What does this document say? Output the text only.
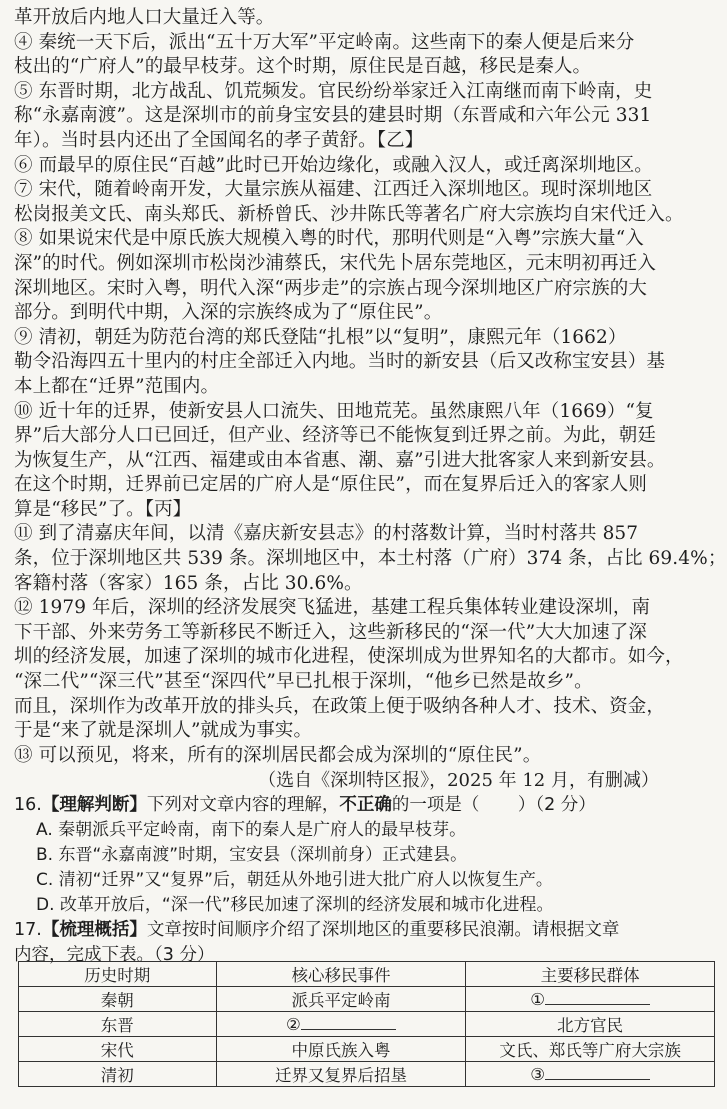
革开放后内地人口大量迁入等。
④ 秦统一天下后，派出“五十万大军”平定岭南。这些南下的秦人便是后来分
枝出的“广府人”的最早枝芽。这个时期，原住民是百越，移民是秦人。
⑤ 东晋时期，北方战乱、饥荒频发。官民纷纷举家迁入江南继而南下岭南，史
称“永嘉南渡”。这是深圳市的前身宝安县的建县时期（东晋咸和六年公元 331
年）。当时县内还出了全国闻名的孝子黄舒。【乙】
⑥ 而最早的原住民“百越”此时已开始边缘化，或融入汉人，或迁离深圳地区。
⑦ 宋代，随着岭南开发，大量宗族从福建、江西迁入深圳地区。现时深圳地区
松岗报美文氏、南头郑氏、新桥曾氏、沙井陈氏等著名广府大宗族均自宋代迁入。
⑧ 如果说宋代是中原氏族大规模入粤的时代，那明代则是“入粤”宗族大量“入
深”的时代。例如深圳市松岗沙浦蔡氏，宋代先卜居东莞地区，元末明初再迁入
深圳地区。宋时入粤，明代入深“两步走”的宗族占现今深圳地区广府宗族的大
部分。到明代中期，入深的宗族终成为了“原住民”。
⑨ 清初，朝廷为防范台湾的郑氏登陆“扎根”以“复明”，康熙元年（1662）
勒令沿海四五十里内的村庄全部迁入内地。当时的新安县（后又改称宝安县）基
本上都在“迁界”范围内。
⑩ 近十年的迁界，使新安县人口流失、田地荒芜。虽然康熙八年（1669）“复
界”后大部分人口已回迁，但产业、经济等已不能恢复到迁界之前。为此，朝廷
为恢复生产，从“江西、福建或由本省惠、潮、嘉”引进大批客家人来到新安县。
在这个时期，迁界前已定居的广府人是“原住民”，而在复界后迁入的客家人则
算是“移民”了。【丙】
⑪ 到了清嘉庆年间，以清《嘉庆新安县志》的村落数计算，当时村落共 857
条，位于深圳地区共 539 条。深圳地区中，本土村落（广府）374 条，占比 69.4%；
客籍村落（客家）165 条，占比 30.6%。
⑫ 1979 年后，深圳的经济发展突飞猛进，基建工程兵集体转业建设深圳，南
下干部、外来劳务工等新移民不断迁入，这些新移民的“深一代”大大加速了深
圳的经济发展，加速了深圳的城市化进程，使深圳成为世界知名的大都市。如今，
“深二代”“深三代”甚至“深四代”早已扎根于深圳，“他乡已然是故乡”。
而且，深圳作为改革开放的排头兵，在政策上便于吸纳各种人才、技术、资金，
于是“来了就是深圳人”就成为事实。
⑬ 可以预见，将来，所有的深圳居民都会成为深圳的“原住民”。
（选自《深圳特区报》，2025 年 12 月，有删减）
16.【理解判断】下列对文章内容的理解，不正确的一项是（ ）（2 分）
A. 秦朝派兵平定岭南，南下的秦人是广府人的最早枝芽。
B. 东晋“永嘉南渡”时期，宝安县（深圳前身）正式建县。
C. 清初“迁界”又“复界”后，朝廷从外地引进大批广府人以恢复生产。
D. 改革开放后，“深一代”移民加速了深圳的经济发展和城市化进程。
17.【梳理概括】文章按时间顺序介绍了深圳地区的重要移民浪潮。请根据文章
内容，完成下表。（3 分）
历史时期	核心移民事件	主要移民群体
秦朝	派兵平定岭南	①
东晋	②	北方官民
宋代	中原氏族入粤	文氏、郑氏等广府大宗族
清初	迁界又复界后招垦	③
